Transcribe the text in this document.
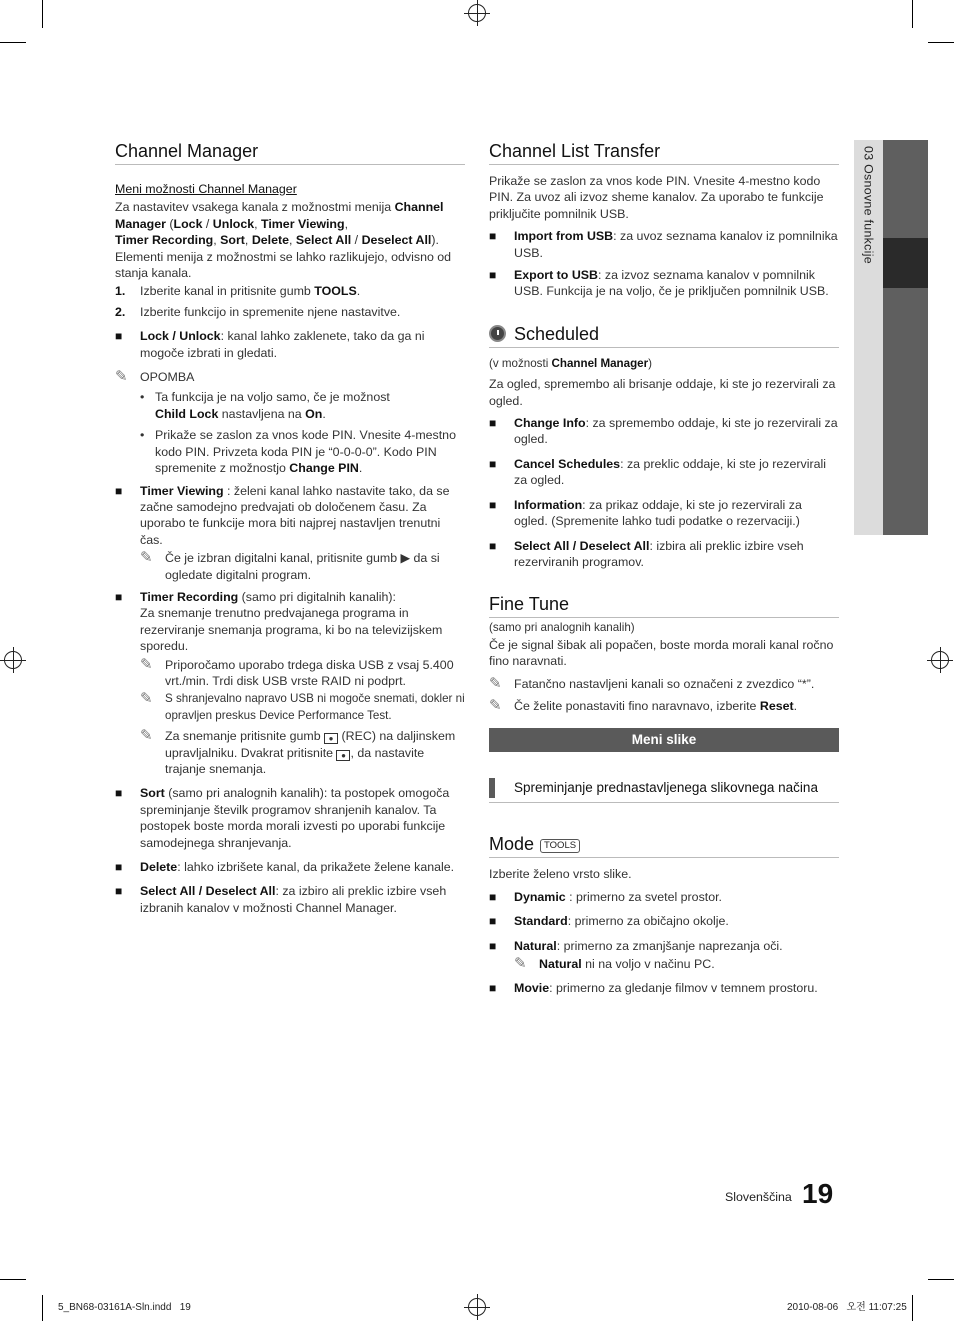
03 Osnovne funkcije
Channel Manager

Meni možnosti Channel Manager

Za nastavitev vsakega kanala z možnostmi menija Channel Manager (Lock / Unlock, Timer Viewing,
Timer Recording, Sort, Delete, Select All / Deselect All). Elementi menija z možnostmi se lahko razlikujejo, odvisno od stanja kanala.

1.	Izberite kanal in pritisnite gumb TOOLS.
2.	Izberite funkcijo in spremenite njene nastavitve.
■	Lock / Unlock: kanal lahko zaklenete, tako da ga ni mogoče izbrati in gledati.
✎	OPOMBA
• Ta funkcija je na voljo samo, če je možnost
Child Lock nastavljena na On.
• Prikaže se zaslon za vnos kode PIN. Vnesite 4-mestno kodo PIN. Privzeta koda PIN je “0-0-0-0”. Kodo PIN spremenite z možnostjo Change PIN.
■	Timer Viewing : želeni kanal lahko nastavite tako, da se začne samodejno predvajati ob določenem času. Za uporabo te funkcije mora biti najprej nastavljen trenutni čas.
✎	Če je izbran digitalni kanal, pritisnite gumb ▶ da si ogledate digitalni program.
■	Timer Recording (samo pri digitalnih kanalih):
Za snemanje trenutno predvajanega programa in rezerviranje snemanja programa, ki bo na televizijskem sporedu.
✎	Priporočamo uporabo trdega diska USB z vsaj 5.400 vrt./min. Trdi disk USB vrste RAID ni podprt.
✎	S shranjevalno napravo USB ni mogoče snemati, dokler ni opravljen preskus Device Performance Test.
✎	Za snemanje pritisnite gumb ● (REC) na daljinskem upravljalniku. Dvakrat pritisnite ● , da nastavite trajanje snemanja.
■	Sort (samo pri analognih kanalih): ta postopek omogoča spreminjanje številk programov shranjenih kanalov. Ta postopek boste morda morali izvesti po uporabi funkcije samodejnega shranjevanja.
■	Delete: lahko izbrišete kanal, da prikažete želene kanale.
■	Select All / Deselect All: za izbiro ali preklic izbire vseh izbranih kanalov v možnosti Channel Manager.
Channel List Transfer

Prikaže se zaslon za vnos kode PIN. Vnesite 4-mestno kodo PIN. Za uvoz ali izvoz sheme kanalov. Za uporabo te funkcije priključite pomnilnik USB.

■	Import from USB: za uvoz seznama kanalov iz pomnilnika USB.
■	Export to USB: za izvoz seznama kanalov v pomnilnik USB. Funkcija je na voljo, če je priključen pomnilnik USB.
Scheduled

(v možnosti Channel Manager)

Za ogled, spremembo ali brisanje oddaje, ki ste jo rezervirali za ogled.

■	Change Info: za spremembo oddaje, ki ste jo rezervirali za ogled.
■	Cancel Schedules: za preklic oddaje, ki ste jo rezervirali za ogled.
■	Information: za prikaz oddaje, ki ste jo rezervirali za ogled. (Spremenite lahko tudi podatke o rezervaciji.)
■	Select All / Deselect All: izbira ali preklic izbire vseh rezerviranih programov.
Fine Tune

(samo pri analognih kanalih)

Če je signal šibak ali popačen, boste morda morali kanal ročno fino naravnati.

✎	Fatančno nastavljeni kanali so označeni z zvezdico “*”.
✎	Če želite ponastaviti fino naravnavo, izberite Reset.
Meni slike
Spreminjanje prednastavljenega slikovnega načina
Mode TOOLS

Izberite želeno vrsto slike.

■	Dynamic : primerno za svetel prostor.
■	Standard: primerno za običajno okolje.
■	Natural: primerno za zmanjšanje naprezanja oči.
✎	Natural ni na voljo v načinu PC.
■	Movie: primerno za gledanje filmov v temnem prostoru.
Slovenščina 19
5_BN68-03161A-Sln.indd   19	2010-08-06   오전 11:07:25
